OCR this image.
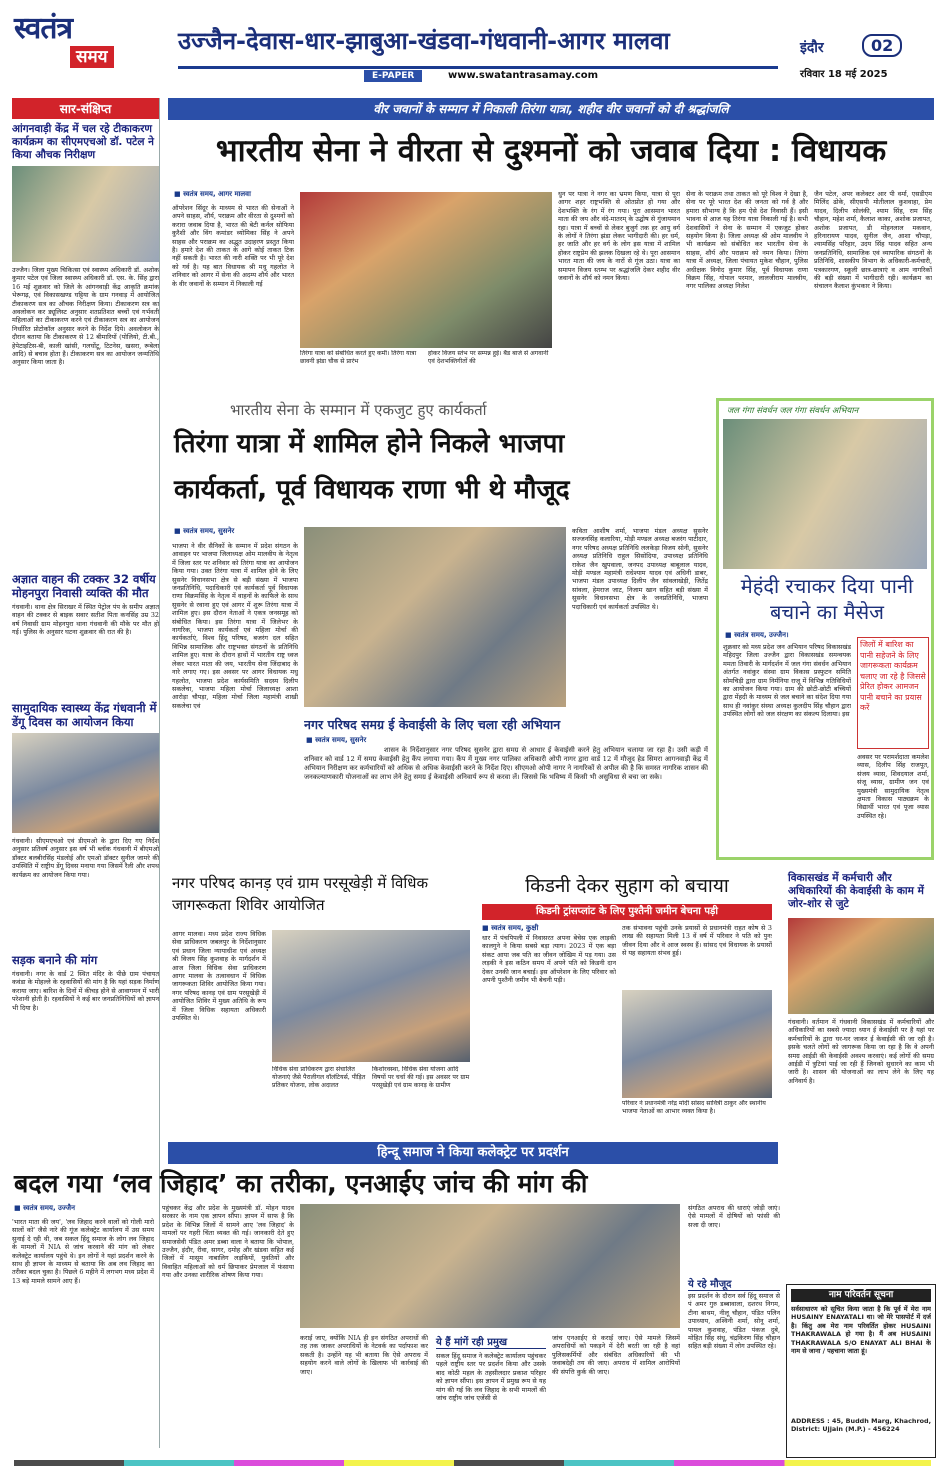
स्वतंत्र
समय
उज्जैन-देवास-धार-झाबुआ-खंडवा-गंधवानी-आगर मालवा
E-PAPER	www.swatantrasamay.com
इंदौर	02
रविवार 18 मई 2025
सार-संक्षिप्त
आंगनवाड़ी केंद्र में चल रहे टीकाकरण कार्यक्रम का सीएमएचओ डॉ. पटेल ने किया औचक निरीक्षण
उज्जैन। जिला मुख्य चिकित्सा एवं स्वास्थ्य अधिकारी डॉ. अशोक कुमार पटेल एवं जिला स्वास्थ्य अधिकारी डॉ. एस. के. सिंह द्वारा 16 मई शुक्रवार को जिले के आंगनवाड़ी केंद्र आकृति क्रमांक भेरूगढ़, एवं विकासखण्ड घट्टिया के ग्राम गनवाड़ में आयोजित टीकाकरण सत्र का औचक निरीक्षण किया। टीकाकरण सत्र का अवलोकन कर ड्यूलिस्ट अनुसार शतप्रतिशत बच्चों एवं गर्भवती महिलाओं का टीकाकरण करने एवं टीकाकरण सत्र का आयोजन निर्धारित प्रोटोकॉल अनुसार करने के निर्देश दिये। अवलोकन के दौरान बताया कि टीकाकरण से 12 बीमारियों (पोलियो, टी.बी., हेपेटाइटिस-बी, काली खांसी, गलघोंटू, टिटनेस, खसरा, रूबेला आदि) से बचाव होता है। टीकाकरण सत्र का आयोजन जन्मतिथि अनुसार किया जाता है।
अज्ञात वाहन की टक्कर 32 वर्षीय मोहनपुरा निवासी व्यक्ति की मौत
गंधवानी। थाना क्षेत्र सिराखर में स्थित पेट्रोल पंप के समीप अज्ञात वाहन की टक्कर से बाइक सवार सतीश पिता कनसिंह उम्र 32 वर्ष निवासी ग्राम मोहनपुरा थाना गंधवानी की मौके पर मौत हो गई। पुलिस के अनुसार घटना शुक्रवार की रात की है।
सामुदायिक स्वास्थ्य केंद्र गंधवानी में डेंगू दिवस का आयोजन किया
गंधवानी। सीएमएचओ एवं डीएमओ के द्वारा दिए गए निर्देश अनुसार प्रतिवर्ष अनुसार इस वर्ष भी ब्लॉक गंधवानी में बीएमओ डॉक्टर बलबीरसिंह मंडलोई और एमओ डॉक्टर सुनील जामरे की उपस्थिति में राष्ट्रीय डेंगू दिवस मनाया गया जिसमें रैली और शपथ कार्यक्रम का आयोजन किया गया।
सड़क बनाने की मांग
गंधवानी। नगर के वार्ड 2 स्थित मंदिर के पीछे ग्राम पंचायत कवंडा के मोहल्ले के रहवासियों की मांग है कि यहां सड़क निर्माण कराया जाए। बारिश के दिनों में कीचड़ होने से आवागमन में भारी परेशानी होती है। रहवासियों ने कई बार जनप्रतिनिधियों को ज्ञापन भी दिया है।
वीर जवानों के सम्मान में निकाली तिरंगा यात्रा, शहीद वीर जवानों को दी श्रद्धांजलि
भारतीय सेना ने वीरता से दुश्मनों को जवाब दिया : विधायक
■ स्वतंत्र समय, आगर मालवा
ऑपरेशन सिंदूर के माध्यम से भारत की सेनाओं ने अपने साहस, शौर्य, पराक्रम और वीरता से दुश्मनों को करारा जवाब दिया है, भारत की बेटी कर्नल सोफिया कुरैशी और विंग कमांडर व्योमिका सिंह ने अपने साहस और पराक्रम का अद्भुत उदाहरण प्रस्तुत किया है। हमारे देश की ताकत के आगे कोई ताकत टिक नहीं सकती है। भारत की नारी शक्ति पर भी पूरे देश को गर्व है। यह बात विधायक श्री मधु गहलोत ने शनिवार को आगर में सेना की अदम्य शौर्य और भारत के वीर जवानों के सम्मान में निकाली गई
तिरंगा यात्रा को संबोधित करते हुए कर्मी। तिरंगा यात्रा छावनी झंडा चौक से प्रारंभ
होकर विजय स्तंभ पर सम्पन्न हुई। बैंड बाजे से अगवानी एवं देशभक्तिगीतों की
धुन पर यात्रा ने नगर का भ्रमण किया, यात्रा से पूरा आगर शहर राष्ट्रभक्ति से ओतप्रोत हो गया और देशभक्ति के रंग में रंग गया। पूरा आसमान भारत माता की जय और वंदे-मातरम् के उद्घोष से गुंजायमान रहा। यात्रा में बच्चों से लेकर बुजुर्ग तक हर आयु वर्ग के लोगों ने तिरंगा झंडा लेकर भागीदारी की। हर धर्म, हर जाति और हर वर्ग के लोग इस यात्रा में शामिल होकर राष्ट्रप्रेम की झलक दिखला रहे थे। पूरा आसमान भारत माता की जय के नारों से गूंज उठा। यात्रा का समापन विजय स्तम्भ पर श्रद्धांजलि देकर शहीद वीर जवानों के शौर्य को नमन किया।
सेना के पराक्रम तथा ताकत को पूरे विश्व ने देखा है, सेना पर पूरे भारत देश की जनता को गर्व है और हमारा सौभाग्य है कि हम ऐसे देश निवासी हैं। इसी भावना से आज यह तिरंगा यात्रा निकाली गई है। सभी देशवासियों ने सेना के सम्मान में एकजुट होकर सहयोग किया है। जिला अध्यक्ष श्री ओम मालवीय ने भी कार्यक्रम को संबोधित कर भारतीय सेना के साहस, शौर्य और पराक्रम को नमन किया। तिरंगा यात्रा में अध्यक्ष, जिला पंचायत मुकेश चौहान, पुलिस अधीक्षक विनोद कुमार सिंह, पूर्व विधायक राणा विक्रम सिंह, गोपाल परमार, लालजीराम मालवीय, नगर पालिका अध्यक्ष निलेश
जैन पटेल, अपर कलेक्टर आर पी वर्मा, एसडीएम मिलिंद ढोके, सीएसपी मोतीलाल कुशवाहा, प्रेम यादव, दिलीप सोलंकी, श्याम सिंह, राम सिंह चौहान, महेश शर्मा, कैलाश काका, अशोक प्रजापत, अशोक प्रजापत, डी मोहनलाल मकवान, हरिनारायण यादव, सुनील जैन, आशा चौपड़ा, श्यामसिंह परिहार, उदय सिंह यादव सहित अन्य जनप्रतिनिधि, सामाजिक एवं व्यापारिक संगठनों के प्रतिनिधि, शासकीय विभाग के अधिकारी-कर्मचारी, पत्रकारगण, स्कूली छात्र-छात्राएं व आम नागरिकों की बड़ी संख्या में भागीदारी रही। कार्यक्रम का संचालन कैलाश कुंभकार ने किया।
भारतीय सेना के सम्मान में एकजुट हुए कार्यकर्ता
तिरंगा यात्रा में शामिल होने निकले भाजपा
कार्यकर्ता, पूर्व विधायक राणा भी थे मौजूद
■ स्वतंत्र समय, सुसनेर
भाजपा ने वीर सैनिकों के सम्मान में प्रदेश संगठन के आवाहन पर भाजपा जिलाध्यक्ष ओम मालवीय के नेतृत्व में जिला स्तर पर शनिवार को तिरंगा यात्रा का आयोजन किया गया। उक्त तिरंगा यात्रा में शामिल होने के लिए सुसनेर विधानसभा क्षेत्र से बड़ी संख्या में भाजपा जनप्रतिनिधि, पदाधिकारी एवं कार्यकर्ता पूर्व विधायक राणा विक्रमसिंह के नेतृत्व में वाहनों के काफिले के साथ सुसनेर से रवाना हुए एवं आगर में शुरू तिरंगा यात्रा में शामिल हुए। इस दौरान नेताओं ने एकत्र जनसमूह को संबोधित किया। इस तिरंगा यात्रा में जिलेभर के नागरिक, भाजपा कार्यकर्ता एवं महिला मोर्चा की कार्यकर्ताएं, विश्व हिंदू परिषद, बजरंग दल सहित विभिन्न सामाजिक और राष्ट्रभक्त संगठनों के प्रतिनिधि शामिल हुए। यात्रा के दौरान हाथों में भारतीय राष्ट्र ध्वज लेकर भारत माता की जय, भारतीय सेना जिंदाबाद के नारे लगाए गए। इस अवसर पर आगर विधायक मधु गहलोत, भाजपा प्रदेश कार्यसमिति सदस्य दिलीप सकलेचा, भाजपा महिला मोर्चा जिलाध्यक्ष आशा आरोड़ा चौपड़ा, महिला मोर्चा जिला महामंत्री शाखी सकलेचा एवं
कविता आशीष शर्मा, भाजपा मंडल अध्यक्ष सुसनेर सज्जनसिंह कलारिया, मोड़ी मण्डल अध्यक्ष बजरंग पाटीदार, नगर परिषद अध्यक्ष प्रतिनिधि ललकेड़ा विजय सोनी, सुसनेर अध्यक्ष प्रतिनिधि राहुल सिसोदिया, उपाध्यक्ष प्रतिनिधि राकेश जैन खुपवाला, जनपद उपाध्यक्ष बाबूलाल यादव, मोड़ी मण्डल महामंत्री राधेश्याम यादव एवं अधिनी डाबर, भाजपा मंडल उपाध्यक्ष दिलीप जैन सांवलाखेड़ी, जितेंद्र सांवला, हेमराज जाट, निजाम खान सहित बड़ी संख्या में सुसनेर विधानसभा क्षेत्र के जनप्रतिनिधि, भाजपा पदाधिकारी एवं कार्यकर्ता उपस्थित थे।
नगर परिषद समग्र ई केवाईसी के लिए चला रही अभियान
■ स्वतंत्र समय, सुसनेर
शासन के निर्देशानुसार नगर परिषद सुसनेर द्वारा समग्र से आधार ई केवाईसी करने हेतु अभियान चलाया जा रहा है। उसी कड़ी में शनिवार को वार्ड 12 में समग्र केवाईसी हेतु कैंप लगाया गया। कैंप में मुख्य नगर पालिका अधिकारी ओपी नागर द्वारा वार्ड 12 में मौजूद हेड सिमरा आगनवाड़ी केंद्र में अभियान निरीक्षण कर कर्मचारियों को अधिक से अधिक केवाईसी करने के निर्देश दिए। सीएमओ ओपी नागर ने नागरिकों से अपील की है कि समस्त नागरिक शासन की जनकल्याणकारी योजनाओं का लाभ लेने हेतु समग्र ई केवाईसी अनिवार्य रूप से करवा लें। जिससे कि भविष्य में किसी भी असुविधा से बचा जा सके।
जल गंगा संवर्धन जल गंगा संवर्धन अभियान
मेहंदी रचाकर दिया पानी बचाने का मैसेज
■ स्वतंत्र समय, उज्जैन।
शुक्रवार को मध्य प्रदेश जन अभियान परिषद विकासखंड महिदपुर जिला उज्जैन द्वारा विकासखंड समन्वयक ममता तिवारी के मार्गदर्शन में जल गंगा संवर्धन अभियान अंतर्गत नवांकुर संस्था ग्राम विकास प्रस्फुटन समिति सोमचिड़ी द्वारा ग्राम निर्मनिया राजू में विभिन्न गतिविधियों का आयोजन किया गया। ग्राम की छोटी-छोटी बच्चियों द्वारा मेंहदी के माध्यम से जल बचाने का संदेश दिया गया साथ ही नवांकुर संस्था अध्यक्ष कुलदीप सिंह चौहान द्वारा उपस्थित लोगों को जल संरक्षण का संकल्प दिलाया। इस
जिलों में बारिश का पानी सहेजने के लिए जागरूकता कार्यक्रम चलाए जा रहे है जिससे प्रेरित होकर आमजन पानी बचाने का प्रयास करें
अवसर पर परामर्शदाता कमलेश व्यास, दिलीप सिंह राजपूत, संजय व्यास, शिवदयाल शर्मा, संजू व्यास, ग्रामीण जन एवं मुख्यमंत्री सामुदायिक नेतृत्व क्षमता विकास पाठ्यक्रम के विद्यार्थी भारत एवं पूजा व्यास उपस्थित रहे।
नगर परिषद कानड़ एवं ग्राम परसूखेड़ी में विधिक जागरूकता शिविर आयोजित
आगर मालवा। मध्य प्रदेश राज्य विधिक सेवा प्राधिकरण जबलपुर के निर्देशानुसार एवं प्रधान जिला न्यायाधीश एवं अध्यक्ष श्री विजय सिंह कुशवाह के मार्गदर्शन में आज जिला विधिक सेवा प्राधिकरण आगर मालवा के तत्वावधान में विधिक जागरूकता शिविर आयोजित किया गया। नगर परिषद कानड़ एवं ग्राम परसूखेड़ी में आयोजित शिविर में मुख्य अतिथि के रूप में जिला विधिक सहायता अधिकारी उपस्थित थे।
विधिक सेवा प्राधिकरण द्वारा संचालित योजनाएं जैसे पैरालीगल वॉलंटियर्स, पीड़ित प्रतिकर योजना, लोक अदालत
किशोरवस्था, विधिक सेवा योजना आदि विषयों पर चर्चा की गई। इस अवसर पर ग्राम परसूखेड़ी एवं ग्राम कानड़ के ग्रामीण
किडनी देकर सुहाग को बचाया
किडनी ट्रांसप्लांट के लिए पुश्तैनी जमीन बेचना पड़ी
■ स्वतंत्र समय, कुक्षी
धार में पंचपिपली में निवासरत अपना बेचेस एक लाड़की कालगुने ने किया सबसे बड़ा त्याग। 2023 में एक बड़ा संकट आया जब पति का जीवन जोखिम में पड़ गया। उस लड़की ने इस कठिन समय में अपने पति को किडनी दान देकर उनकी जान बचाई। इस ऑपरेशन के लिए परिवार को अपनी पुश्तैनी जमीन भी बेचनी पड़ी।
तक संभावना पहुंची उनके प्रयासों से प्रधानमंत्री राहत कोष से 3 लाख की सहायता मिली 13 वें वर्ष में परिवार ने पति को पुनः जीवन दिया और वे आज स्वस्थ हैं। सांसद एवं विधायक के प्रयासों से यह सहायता संभव हुई।
परिवार ने प्रधानमंत्री नरेंद्र मोदी सांसद सावित्री ठाकुर और स्थानीय भाजपा नेताओं का आभार व्यक्त किया है।
विकासखंड में कर्मचारी और अधिकारियों की केवाईसी के काम में जोर-शोर से जुटे
गंधवानी। वर्तमान में गंधवानी विकासखंड में कर्मचारियों और अधिकारियों का सबसे ज्यादा ध्यान ई केवाईसी पर है यहां पर कर्मचारियों के द्वारा घर-घर जाकर ई केवाईसी की जा रही है। इसके चलते लोगों को जागरूक किया जा रहा है कि वे अपनी समग्र आईडी की केवाईसी अवश्य करवाएं। कई लोगों की समग्र आईडी में त्रुटियां पाई जा रही हैं जिनको सुधारने का काम भी जारी है। शासन की योजनाओं का लाभ लेने के लिए यह अनिवार्य है।
हिन्दू समाज ने किया कलेक्ट्रेट पर प्रदर्शन
बदल गया ‘लव जिहाद’ का तरीका, एनआईए जांच की मांग की
■ स्वतंत्र समय, उज्जैन
'भारत माता की जय', 'लव जिहाद करने वालों को गोली मारो सालों को' जैसे नारे की गूंज कलेक्ट्रेट कार्यालय में उस समय सुनाई दे रही थी, जब सकल हिंदू समाज के लोग लव जिहाद के मामलों में NIA से जांच करवाने की मांग को लेकर कलेक्ट्रेट कार्यालय पहुंचे थे। इन लोगों ने यहां प्रदर्शन करने के साथ ही ज्ञापन के माध्यम से बताया कि अब लव जिहाद का तरीका बदल चुका है। पिछले 6 महीने में लगभग मध्य प्रदेश में 13 बड़े मामले सामने आए हैं।
पहुंचकर केंद्र और प्रदेश के मुख्यमंत्री डॉ. मोहन यादव सरकार के नाम एक ज्ञापन सौंपा। ज्ञापन में साफ है कि प्रदेश के विभिन्न जिलों में सामने आए 'लव जिहाद' के मामलों पर गहरी चिंता व्यक्त की गई। जानकारी देते हुए समाजसेवी पंडित अमर डब्बा वाला ने बताया कि भोपाल, उज्जैन, इंदौर, रीवा, सागर, दमोह और खंडवा सहित कई जिलों में मासूम नाबालिग लड़कियों, युवतियों और विवाहित महिलाओं को धर्म छिपाकर प्रेमजाल में फंसाया गया और उनका शारीरिक शोषण किया गया।
कराई जाए, क्योंकि NIA ही इन संगठित अपराधों की तह तक जाकर अपराधियों के नेटवर्क का पर्दाफाश कर सकती है। उन्होंने यह भी बताया कि ऐसे अपराध में सहयोग करने वाले लोगों के खिलाफ भी कार्रवाई की जाए।
ये हैं मांगें रही प्रमुख
सकल हिंदू समाज ने कलेक्ट्रेट कार्यालय पहुंचकर पहले राष्ट्रीय स्तर पर प्रदर्शन किया और उसके बाद कोठी महल के तहसीलदार प्रकाश परिहार को ज्ञापन सौंपा। इस ज्ञापन में प्रमुख रूप से यह मांग की गई कि लव जिहाद के सभी मामलों की जांच राष्ट्रीय जांच एजेंसी से
जांच एनआईए से कराई जाए। ऐसे मामले जिसमें अपराधियों को पकड़ने में देरी बरती जा रही है वहां पुलिसकर्मियों और संबंधित अधिकारियों की भी जवाबदेही तय की जाए। अपराध में शामिल आरोपियों की संपत्ति कुर्क की जाए।
संगठित अपराध की धाराएं जोड़ी जाएं। ऐसे मामलों में दोषियों को फांसी की सजा दी जाए।
ये रहे मौजूद
इस प्रदर्शन के दौरान सर्व हिंदू समाज से पं अमर गुरु डब्बावाला, दशरथ निगम, टीना बाथम, नीलू चौहान, पंडित पलिन उपाध्याय, अश्विनी शर्मा, सोनू शर्मा, पायल कुशवाह, पंडित पंकज दुबे, मोहित सिंह संधू, चंद्रकिरण सिंह चौहान सहित बड़ी संख्या में लोग उपस्थित रहे।
नाम परिवर्तन सूचना
सर्वसाधारण को सूचित किया जाता है कि पूर्व में मेरा नाम HUSAINY ENAYATALI था। जो मेरे पासपोर्ट में दर्ज है। किंतु अब मेरा नाम परिवर्तित होकर HUSAINI THAKRAWALA हो गया है। मैं अब HUSAINI THAKRAWALA S/O ENAYAT ALI BHAI के नाम से जाना / पहचाना जाता हूं।
ADDRESS : 45, Buddh Marg, Khachrod, District: Ujjain (M.P.) - 456224
